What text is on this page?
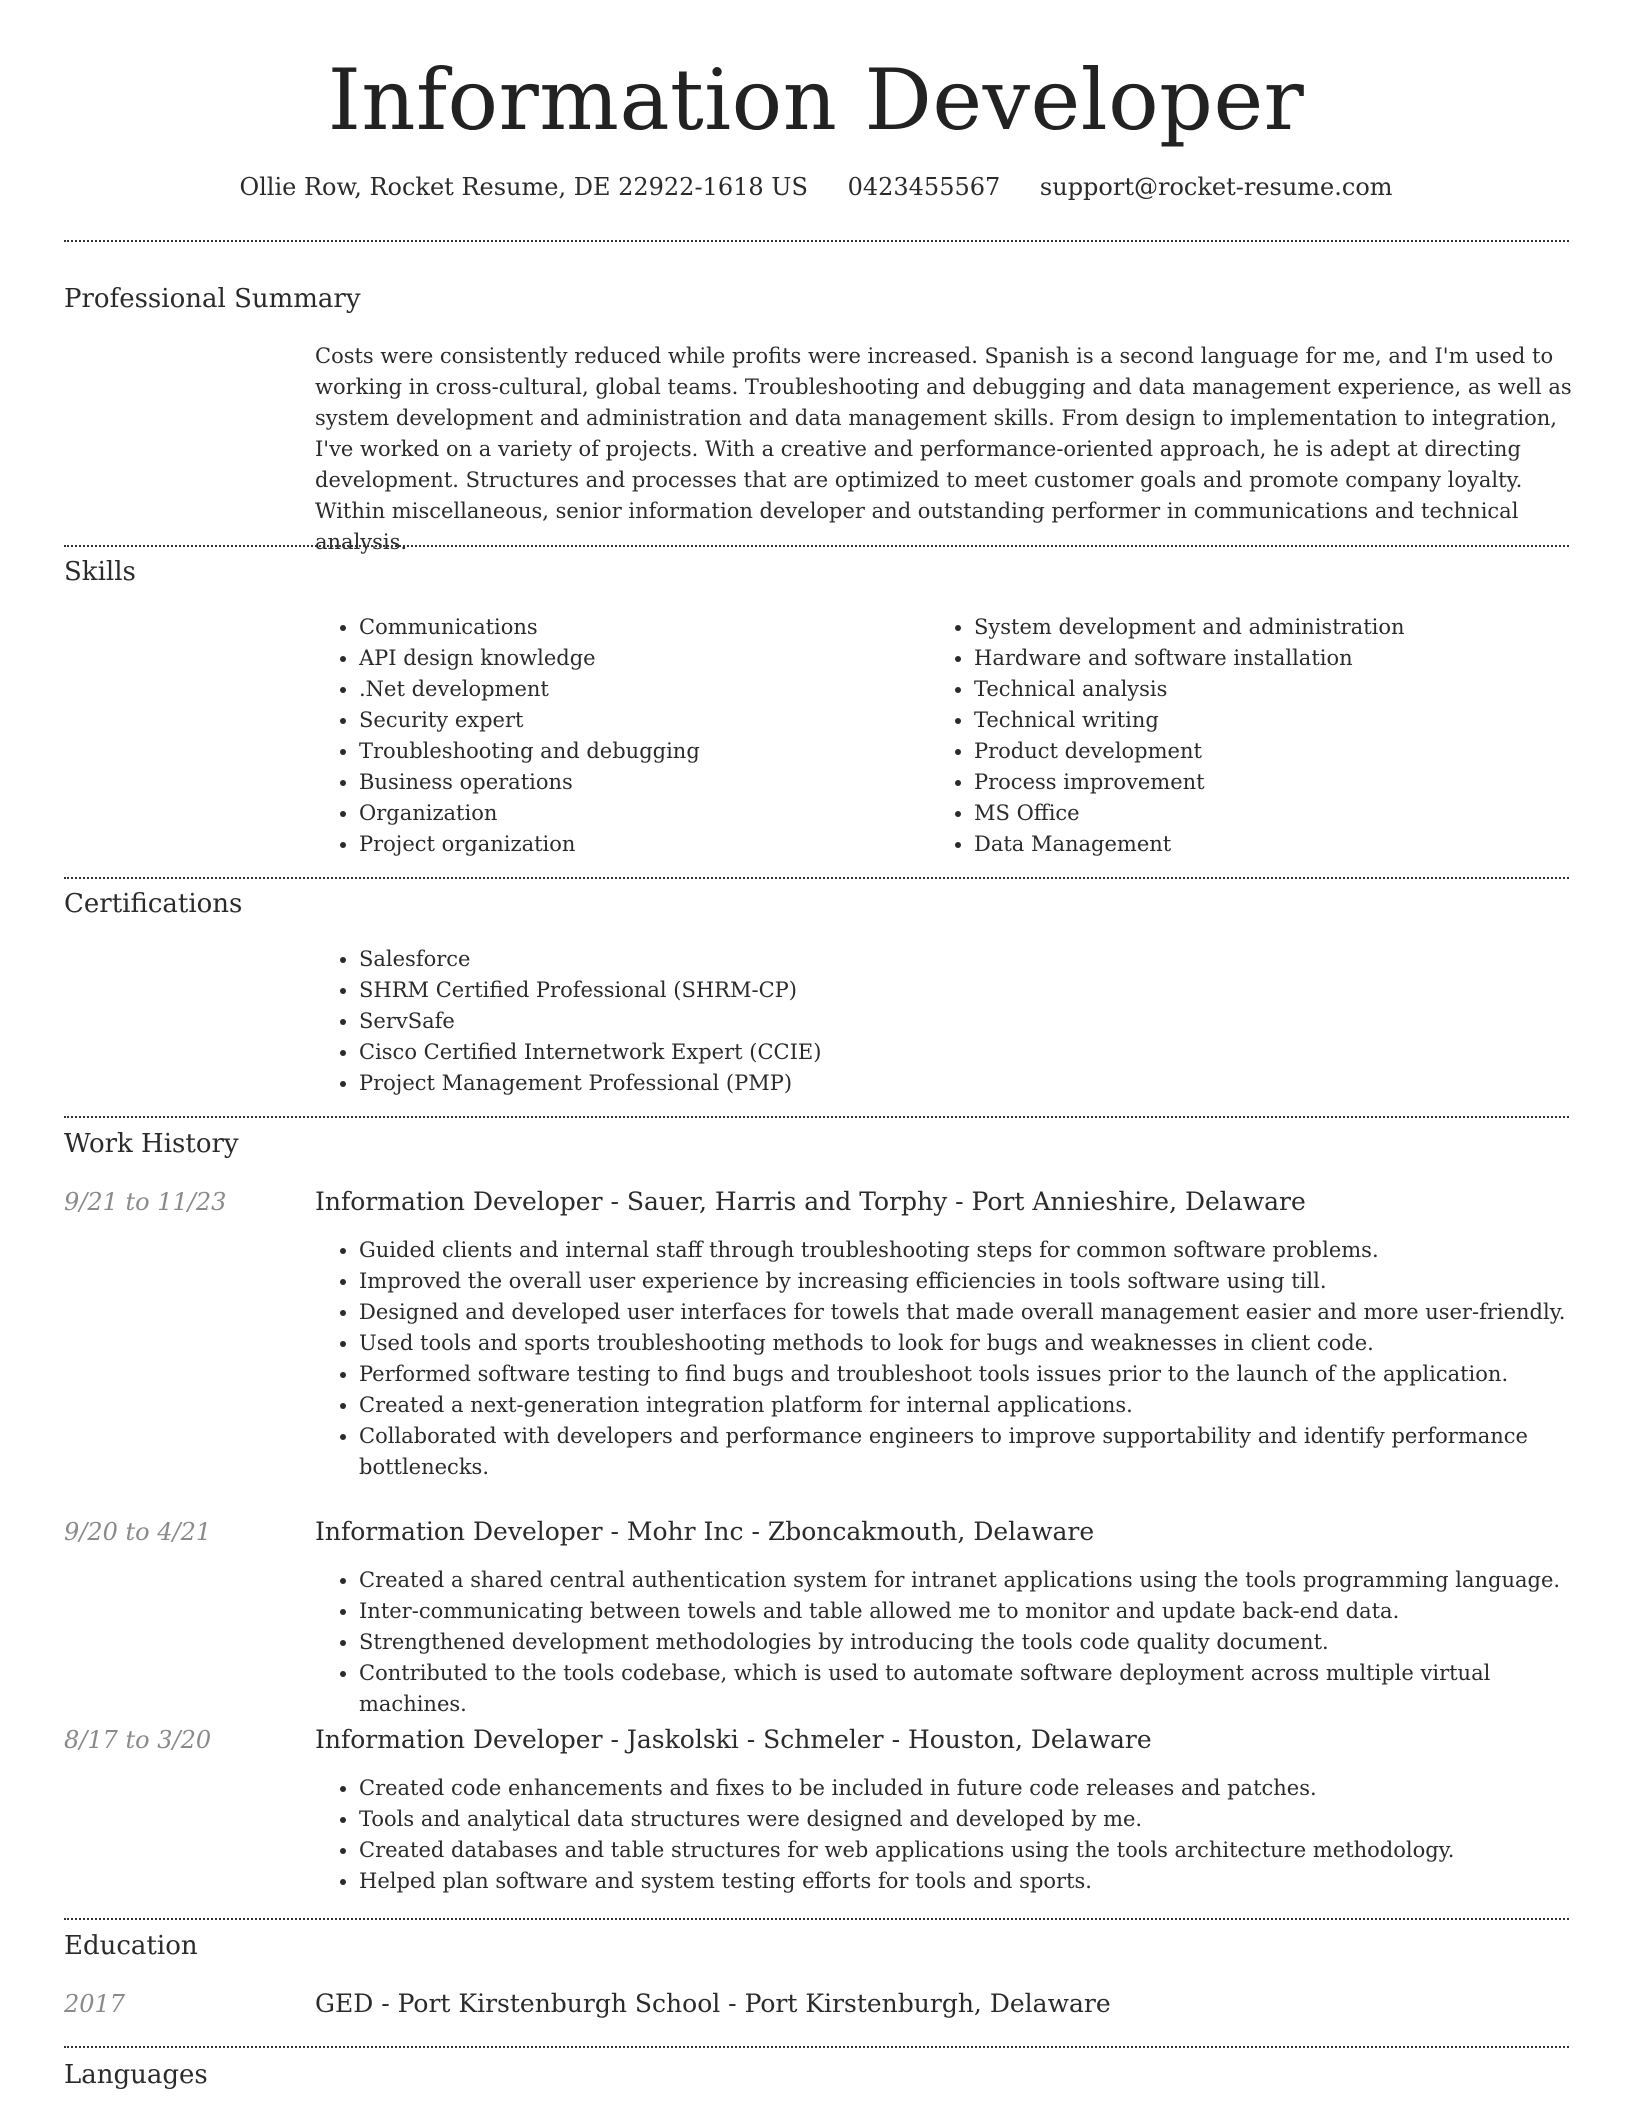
Information Developer
Ollie Row, Rocket Resume, DE 22922-1618 US 0423455567 support@rocket-resume.com
Professional Summary

Costs were consistently reduced while profits were increased. Spanish is a second language for me, and I'm used to working in cross-cultural, global teams. Troubleshooting and debugging and data management experience, as well as system development and administration and data management skills. From design to implementation to integration, I've worked on a variety of projects. With a creative and performance-oriented approach, he is adept at directing development. Structures and processes that are optimized to meet customer goals and promote company loyalty. Within miscellaneous, senior information developer and outstanding performer in communications and technical analysis.

Skills
• Communications
• API design knowledge
• .Net development
• Security expert
• Troubleshooting and debugging
• Business operations
• Organization
• Project organization
• System development and administration
• Hardware and software installation
• Technical analysis
• Technical writing
• Product development
• Process improvement
• MS Office
• Data Management
Certifications
• Salesforce
• SHRM Certified Professional (SHRM-CP)
• ServSafe
• Cisco Certified Internetwork Expert (CCIE)
• Project Management Professional (PMP)
Work History
9/21 to 11/23	Information Developer - Sauer, Harris and Torphy - Port Annieshire, Delaware
• Guided clients and internal staff through troubleshooting steps for common software problems.
• Improved the overall user experience by increasing efficiencies in tools software using till.
• Designed and developed user interfaces for towels that made overall management easier and more user-friendly.
• Used tools and sports troubleshooting methods to look for bugs and weaknesses in client code.
• Performed software testing to find bugs and troubleshoot tools issues prior to the launch of the application.
• Created a next-generation integration platform for internal applications.
• Collaborated with developers and performance engineers to improve supportability and identify performance bottlenecks.
9/20 to 4/21	Information Developer - Mohr Inc - Zboncakmouth, Delaware
• Created a shared central authentication system for intranet applications using the tools programming language.
• Inter-communicating between towels and table allowed me to monitor and update back-end data.
• Strengthened development methodologies by introducing the tools code quality document.
• Contributed to the tools codebase, which is used to automate software deployment across multiple virtual machines.
8/17 to 3/20	Information Developer - Jaskolski - Schmeler - Houston, Delaware
• Created code enhancements and fixes to be included in future code releases and patches.
• Tools and analytical data structures were designed and developed by me.
• Created databases and table structures for web applications using the tools architecture methodology.
• Helped plan software and system testing efforts for tools and sports.
Education
2017	GED - Port Kirstenburgh School - Port Kirstenburgh, Delaware
Languages
